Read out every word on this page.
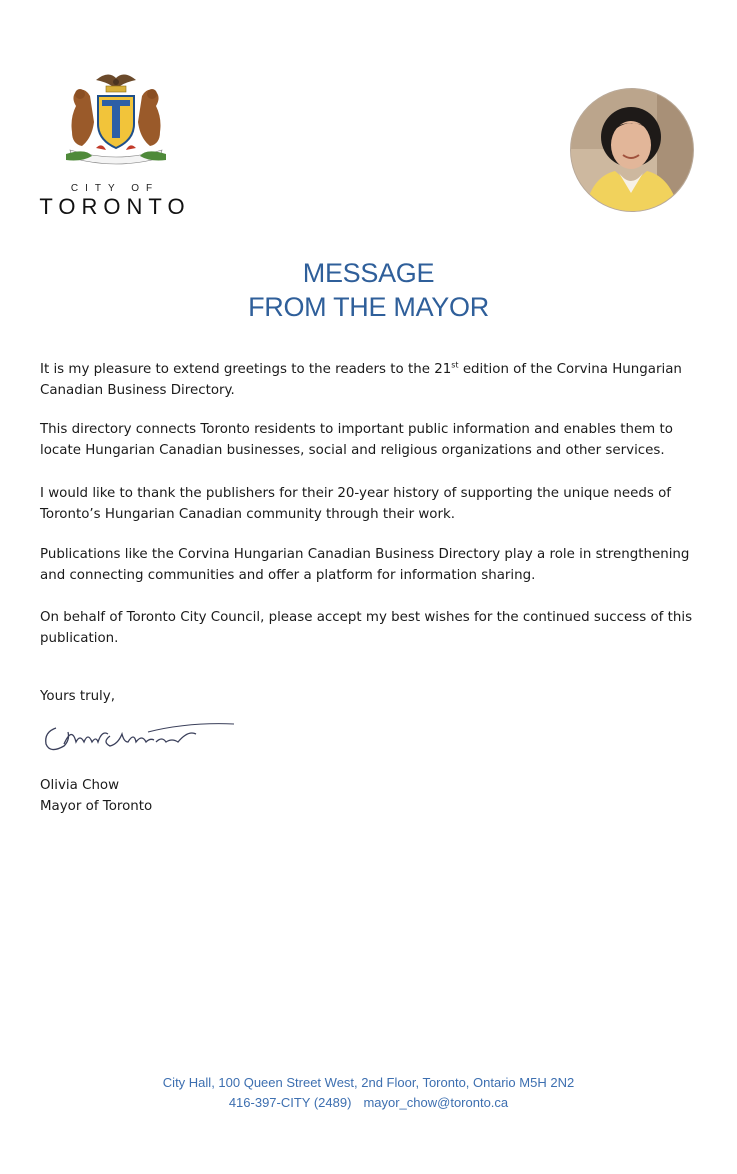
CITY OF
TORONTO
MESSAGE
FROM THE MAYOR

It is my pleasure to extend greetings to the readers to the 21st edition of the Corvina Hungarian Canadian Business Directory.

This directory connects Toronto residents to important public information and enables them to locate Hungarian Canadian businesses, social and religious organizations and other services.

I would like to thank the publishers for their 20-year history of supporting the unique needs of Toronto’s Hungarian Canadian community through their work.

Publications like the Corvina Hungarian Canadian Business Directory play a role in strengthening and connecting communities and offer a platform for information sharing.

On behalf of Toronto City Council, please accept my best wishes for the continued success of this publication.

Yours truly,

Olivia Chow

Mayor of Toronto

City Hall, 100 Queen Street West, 2nd Floor, Toronto, Ontario M5H 2N2
416-397-CITY (2489) mayor_chow@toronto.ca
